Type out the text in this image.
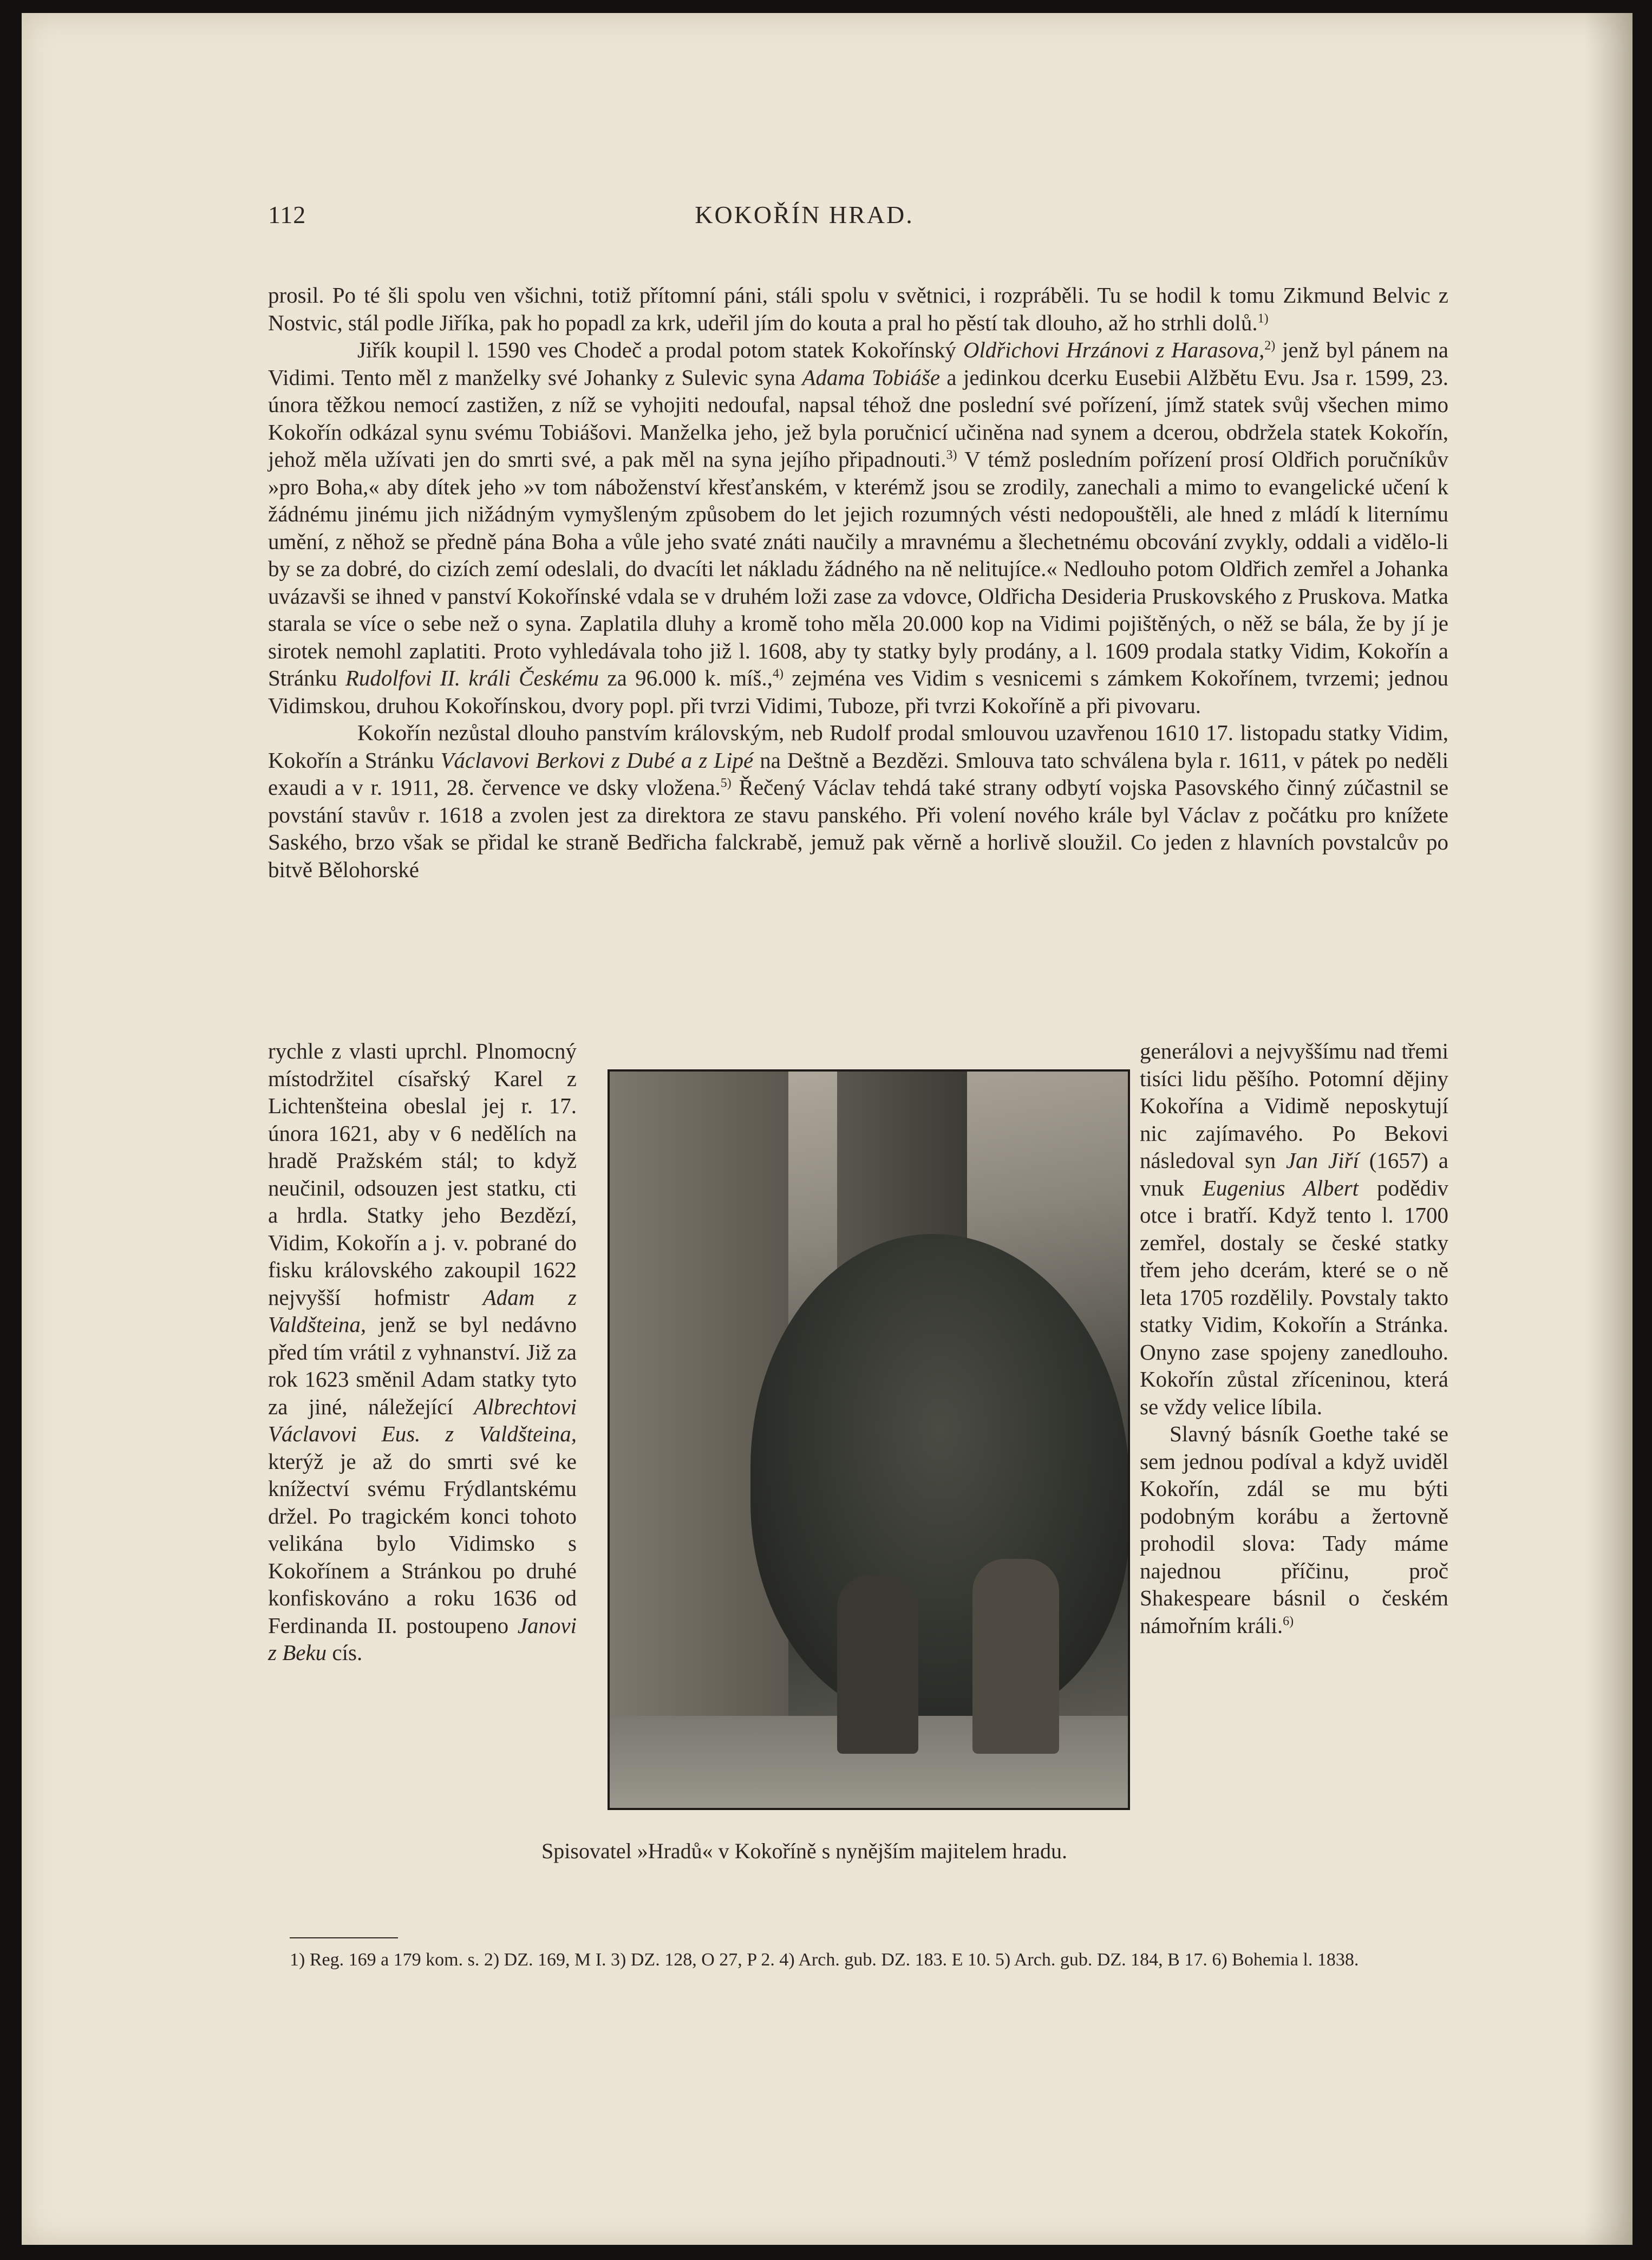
112	KOKOŘÍN HRAD.

prosil. Po té šli spolu ven všichni, totiž přítomní páni, stáli spolu v světnici, i rozpráběli. Tu se hodil k tomu Zikmund Belvic z Nostvic, stál podle Jiříka, pak ho popadl za krk, udeřil jím do kouta a pral ho pěstí tak dlouho, až ho strhli dolů.$^{1)}$

Jiřík koupil l. 1590 ves Chodeč a prodal potom statek Kokořínský Oldřichovi Hrzánovi z Harasova,$^{2)}$ jenž byl pánem na Vidimi. Tento měl z manželky své Johanky z Sulevic syna Adama Tobiáše a jedinkou dcerku Eusebii Alžbětu Evu. Jsa r. 1599, 23. února těžkou nemocí zastižen, z níž se vyhojiti nedoufal, napsal téhož dne poslední své pořízení, jímž statek svůj všechen mimo Kokořín odkázal synu svému Tobiášovi. Manželka jeho, jež byla poručnicí učiněna nad synem a dcerou, obdržela statek Kokořín, jehož měla užívati jen do smrti své, a pak měl na syna jejího připadnouti.$^{3)}$ V témž posledním pořízení prosí Oldřich poručníkův »pro Boha,« aby dítek jeho »v tom náboženství křesťanském, v kterémž jsou se zrodily, zanechali a mimo to evangelické učení k žádnému jinému jich nižádným vymyšleným způsobem do let jejich rozumných vésti nedopouštěli, ale hned z mládí k liternímu umění, z něhož se předně pána Boha a vůle jeho svaté znáti naučily a mravnému a šlechetnému obcování zvykly, oddali a vidělo-li by se za dobré, do cizích zemí odeslali, do dvacíti let nákladu žádného na ně nelitujíce.« Nedlouho potom Oldřich zemřel a Johanka uvázavši se ihned v panství Kokořínské vdala se v druhém loži zase za vdovce, Oldřicha Desideria Pruskovského z Pruskova. Matka starala se více o sebe než o syna. Zaplatila dluhy a kromě toho měla 20.000 kop na Vidimi pojištěných, o něž se bála, že by jí je sirotek nemohl zaplatiti. Proto vyhledávala toho již l. 1608, aby ty statky byly prodány, a l. 1609 prodala statky Vidim, Kokořín a Stránku Rudolfovi II. králi Českému za 96.000 k. míš.,$^{4)}$ zejména ves Vidim s vesnicemi s zámkem Kokořínem, tvrzemi; jednou Vidimskou, druhou Kokořínskou, dvory popl. při tvrzi Vidimi, Tuboze, při tvrzi Kokořínĕ a při pivovaru.

Kokořín nezůstal dlouho panstvím královským, neb Rudolf prodal smlouvou uzavřenou 1610 17. listopadu statky Vidim, Kokořín a Stránku Václavovi Berkovi z Dubé a z Lipé na Deštně a Bezdězi. Smlouva tato schválena byla r. 1611, v pátek po neděli exaudi a v r. 1911, 28. července ve dsky vložena.$^{5)}$ Řečený Václav tehdá také strany odbytí vojska Pasovského činný zúčastnil se povstání stavův r. 1618 a zvolen jest za direktora ze stavu panského. Při volení nového krále byl Václav z počátku pro knížete Saského, brzo však se přidal ke straně Bedřicha falckrabě, jemuž pak věrně a horlivě sloužil. Co jeden z hlavních povstalcův po bitvě Bělohorské

rychle z vlasti uprchl. Plnomocný místodržitel císařský Karel z Lichtenšteina obeslal jej r. 17. února 1621, aby v 6 nedělích na hradě Pražském stál; to když neučinil, odsouzen jest statku, cti a hrdla. Statky jeho Bezdězí, Vidim, Kokořín a j. v. pobrané do fisku královského zakoupil 1622 nejvyšší hofmistr Adam z Valdšteina, jenž se byl nedávno před tím vrátil z vyhnanství. Již za rok 1623 směnil Adam statky tyto za jiné, náležející Albrechtovi Václavovi Eus. z Valdšteina, kterýž je až do smrti své ke knížectví svému Frýdlantskému držel. Po tragickém konci tohoto velikána bylo Vidimsko s Kokořínem a Stránkou po druhé konfiskováno a roku 1636 od Ferdinanda II. postoupeno Janovi z Beku cís.

generálovi a nejvyššímu nad třemi tisíci lidu pěšího. Potomní dějiny Kokořína a Vidimě neposkytují nic zajímavého. Po Bekovi následoval syn Jan Jiří (1657) a vnuk Eugenius Albert podědiv otce i bratří. Když tento l. 1700 zemřel, dostaly se české statky třem jeho dcerám, které se o ně leta 1705 rozdělily. Povstaly takto statky Vidim, Kokořín a Stránka. Onyno zase spojeny zanedlouho. Kokořín zůstal zříceninou, která se vždy velice líbila.

Slavný básník Goethe také se sem jednou podíval a když uviděl Kokořín, zdál se mu býti podobným korábu a žertovně prohodil slova: Tady máme najednou příčinu, proč Shakespeare básnil o českém námořním králi.$^{6)}$

Spisovatel »Hradů« v Kokoříně s nynějším majitelem hradu.
1) Reg. 169 a 179 kom. s. 2) DZ. 169, M I. 3) DZ. 128, O 27, P 2. 4) Arch. gub. DZ. 183. E 10. 5) Arch. gub. DZ. 184, B 17. 6) Bohemia l. 1838.
